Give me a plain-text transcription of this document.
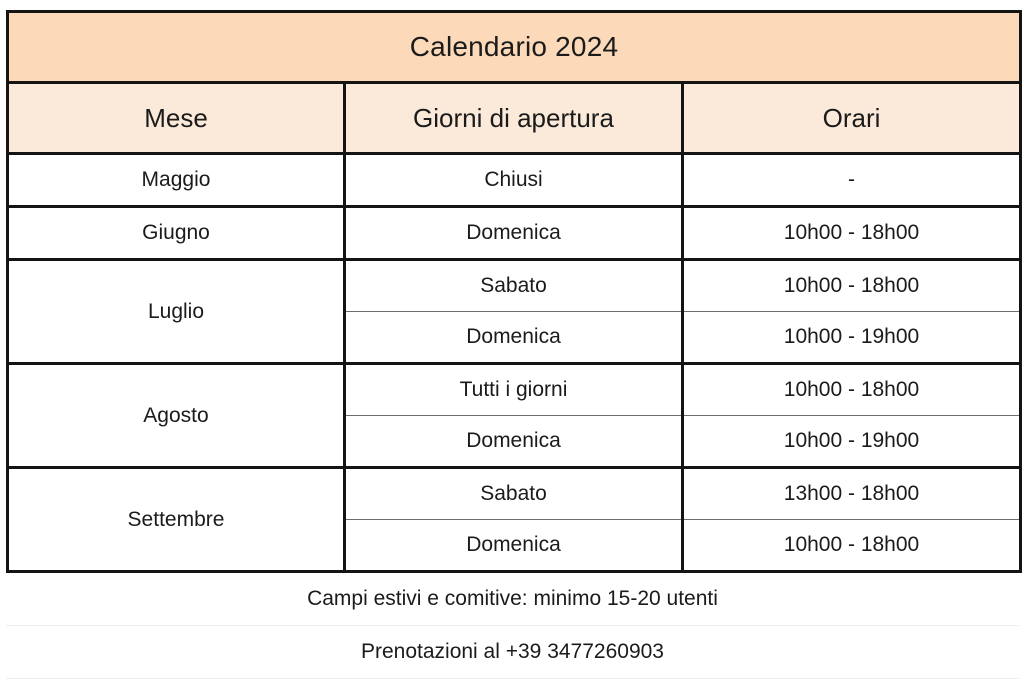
Calendario 2024		
Mese	Giorni di apertura	Orari
Maggio	Chiusi	-
Giugno	Domenica	10h00 - 18h00
Luglio	Sabato	10h00 - 18h00
	Domenica	10h00 - 19h00
Agosto	Tutti i giorni	10h00 - 18h00
	Domenica	10h00 - 19h00
Settembre	Sabato	13h00 - 18h00
	Domenica	10h00 - 18h00
Campi estivi e comitive: minimo 15-20 utenti
Prenotazioni al +39 3477260903
